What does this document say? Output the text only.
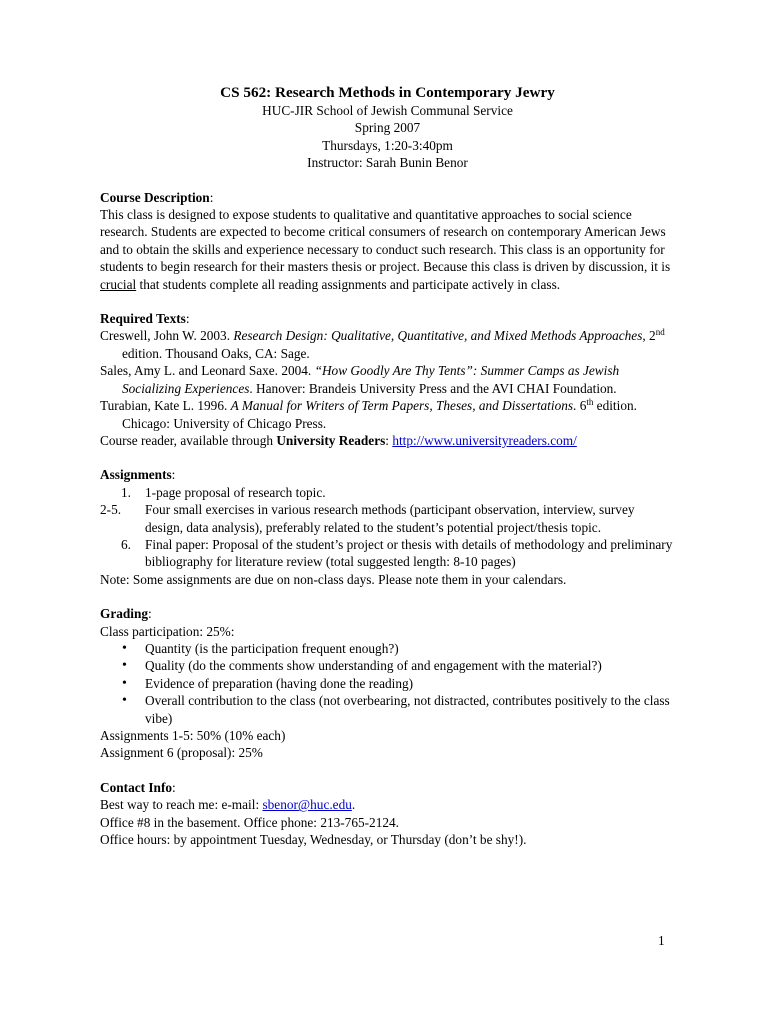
CS 562: Research Methods in Contemporary Jewry

HUC-JIR School of Jewish Communal Service

Spring 2007

Thursdays, 1:20-3:40pm

Instructor: Sarah Bunin Benor

Course Description:

This class is designed to expose students to qualitative and quantitative approaches to social science research. Students are expected to become critical consumers of research on contemporary American Jews and to obtain the skills and experience necessary to conduct such research. This class is an opportunity for students to begin research for their masters thesis or project. Because this class is driven by discussion, it is crucial that students complete all reading assignments and participate actively in class.

Required Texts:

Creswell, John W. 2003. Research Design: Qualitative, Quantitative, and Mixed Methods Approaches, 2nd edition. Thousand Oaks, CA: Sage.

Sales, Amy L. and Leonard Saxe. 2004. “How Goodly Are Thy Tents”: Summer Camps as Jewish Socializing Experiences. Hanover: Brandeis University Press and the AVI CHAI Foundation.

Turabian, Kate L. 1996. A Manual for Writers of Term Papers, Theses, and Dissertations. 6th edition. Chicago: University of Chicago Press.

Course reader, available through University Readers: http://www.universityreaders.com/

Assignments:

1. 1-page proposal of research topic.
2-5. Four small exercises in various research methods (participant observation, interview, survey design, data analysis), preferably related to the student’s potential project/thesis topic.
6. Final paper: Proposal of the student’s project or thesis with details of methodology and preliminary bibliography for literature review (total suggested length: 8-10 pages)

Note: Some assignments are due on non-class days. Please note them in your calendars.

Grading:

Class participation: 25%:

• Quantity (is the participation frequent enough?)
• Quality (do the comments show understanding of and engagement with the material?)
• Evidence of preparation (having done the reading)
• Overall contribution to the class (not overbearing, not distracted, contributes positively to the class vibe)

Assignments 1-5: 50% (10% each)

Assignment 6 (proposal): 25%

Contact Info:

Best way to reach me: e-mail: sbenor@huc.edu.

Office #8 in the basement. Office phone: 213-765-2124.

Office hours: by appointment Tuesday, Wednesday, or Thursday (don’t be shy!).

1
